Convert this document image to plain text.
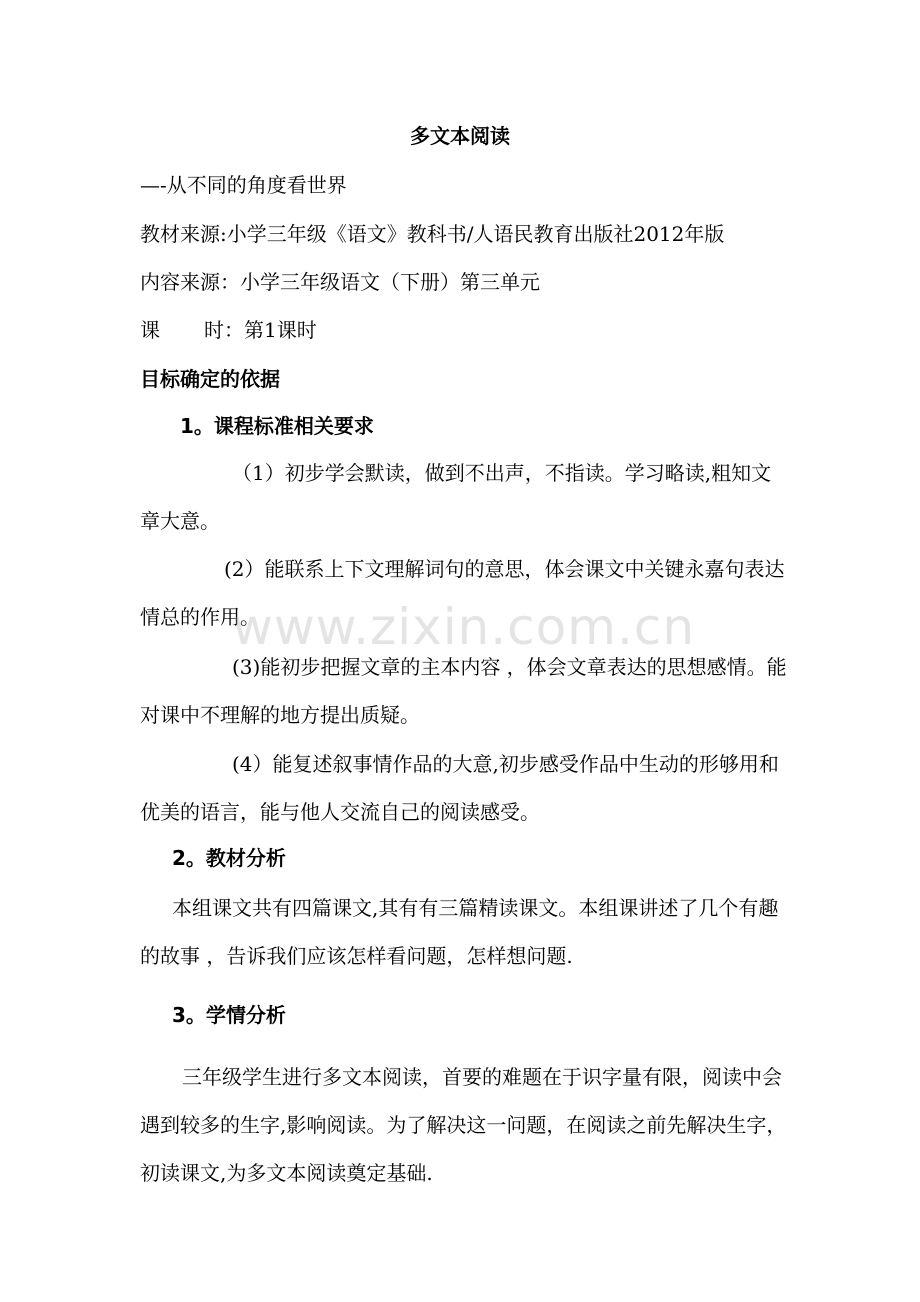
多文本阅读
—-从不同的角度看世界
教材来源:小学三年级《语文》教科书/人语民教育出版社2012年版
内容来源：小学三年级语文（下册）第三单元
课 时：第1课时
目标确定的依据
1。课程标准相关要求
（1）初步学会默读，做到不出声，不指读。学习略读,粗知文章大意。
(2）能联系上下文理解词句的意思，体会课文中关键永嘉句表达情总的作用。
(3)能初步把握文章的主本内容 ，体会文章表达的思想感情。能对课中不理解的地方提出质疑。
(4）能复述叙事情作品的大意,初步感受作品中生动的形够用和优美的语言，能与他人交流自己的阅读感受。
2。教材分析
本组课文共有四篇课文,其有有三篇精读课文。本组课讲述了几个有趣的故事 ，告诉我们应该怎样看问题，怎样想问题.
3。学情分析
三年级学生进行多文本阅读，首要的难题在于识字量有限，阅读中会遇到较多的生字,影响阅读。为了解决这一问题，在阅读之前先解决生字，初读课文,为多文本阅读奠定基础.
www.zixin.com.cn
